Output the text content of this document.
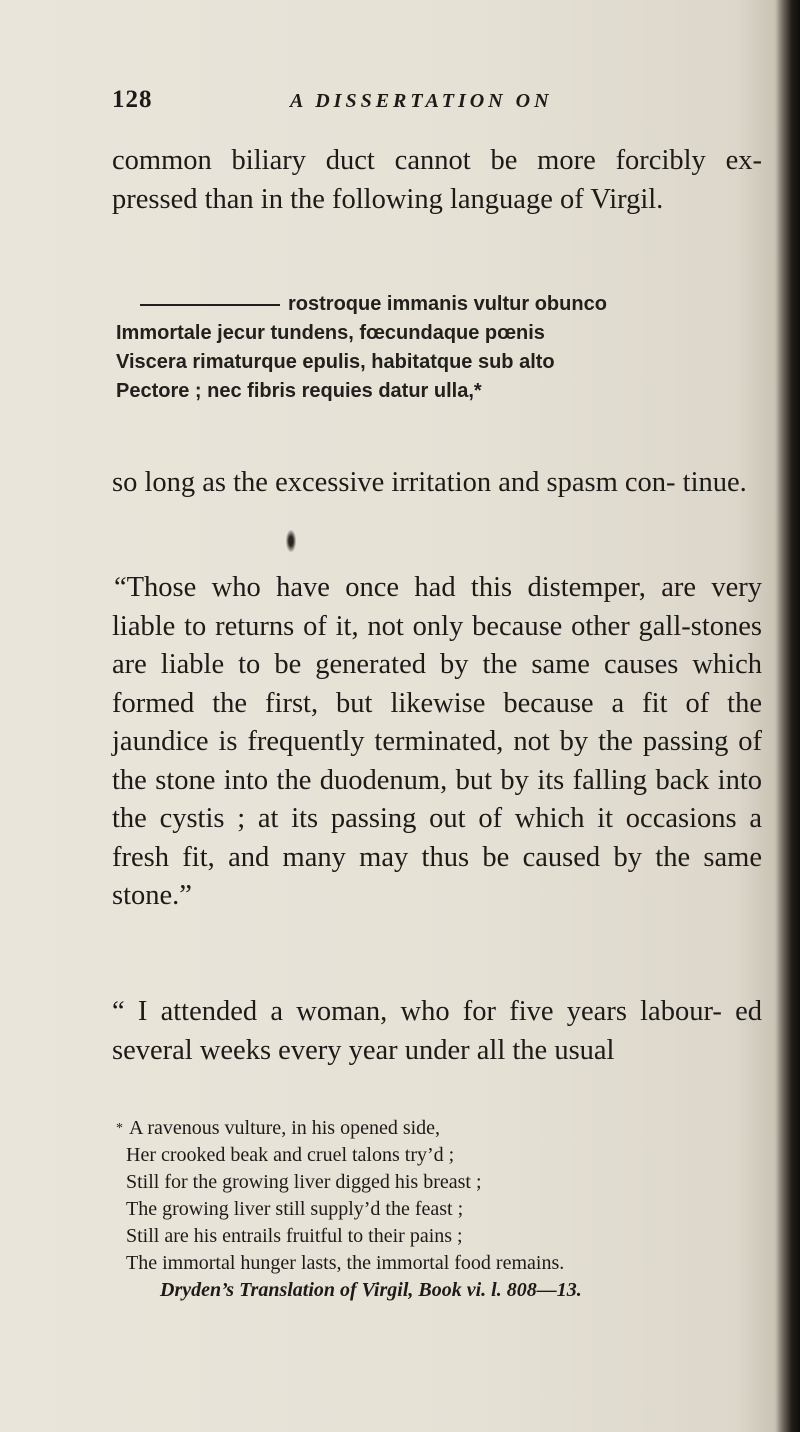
128	A DISSERTATION ON

common biliary duct cannot be more forcibly ex- pressed than in the following language of Virgil.

rostroque immanis vultur obunco
Immortale jecur tundens, fœcundaque pœnis
Viscera rimaturque epulis, habitatque sub alto
Pectore ; nec fibris requies datur ulla,*

so long as the excessive irritation and spasm con- tinue.

“Those who have once had this distemper, are very liable to returns of it, not only because other gall-stones are liable to be generated by the same causes which formed the first, but likewise because a fit of the jaundice is frequently terminated, not by the passing of the stone into the duodenum, but by its falling back into the cystis ; at its passing out of which it occasions a fresh fit, and many may thus be caused by the same stone.”

“ I attended a woman, who for five years labour- ed several weeks every year under all the usual

* A ravenous vulture, in his opened side,
Her crooked beak and cruel talons try’d ;
Still for the growing liver digged his breast ;
The growing liver still supply’d the feast ;
Still are his entrails fruitful to their pains ;
The immortal hunger lasts, the immortal food remains.
Dryden’s Translation of Virgil, Book vi. l. 808—13.
